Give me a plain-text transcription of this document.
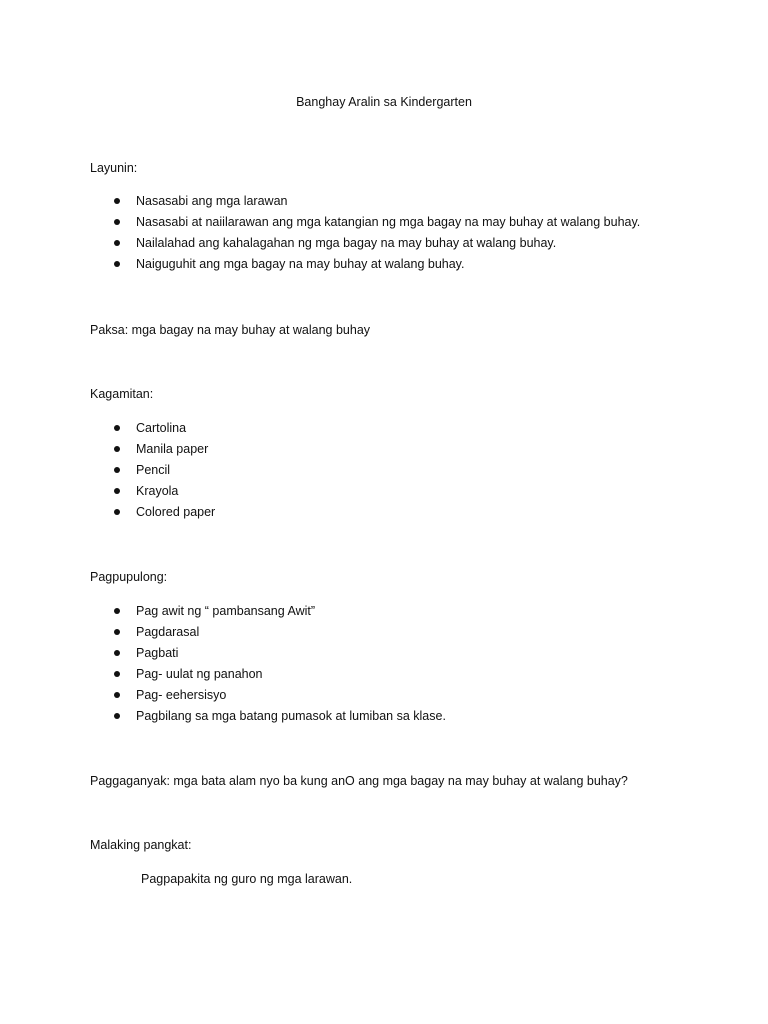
Banghay Aralin sa Kindergarten
Layunin:
Nasasabi ang mga larawan
Nasasabi at naiilarawan ang mga katangian ng mga bagay na may buhay at walang buhay.
Nailalahad ang kahalagahan ng mga bagay na may buhay at walang buhay.
Naiguguhit ang mga bagay na may buhay at walang buhay.
Paksa: mga bagay na may buhay at walang buhay
Kagamitan:
Cartolina
Manila paper
Pencil
Krayola
Colored paper
Pagpupulong:
Pag awit ng “ pambansang Awit”
Pagdarasal
Pagbati
Pag- uulat ng panahon
Pag- eehersisyo
Pagbilang sa mga batang pumasok at lumiban sa klase.
Paggaganyak: mga bata alam nyo ba kung anO ang mga bagay na may buhay at walang buhay?
Malaking pangkat:
Pagpapakita ng guro ng mga larawan.
